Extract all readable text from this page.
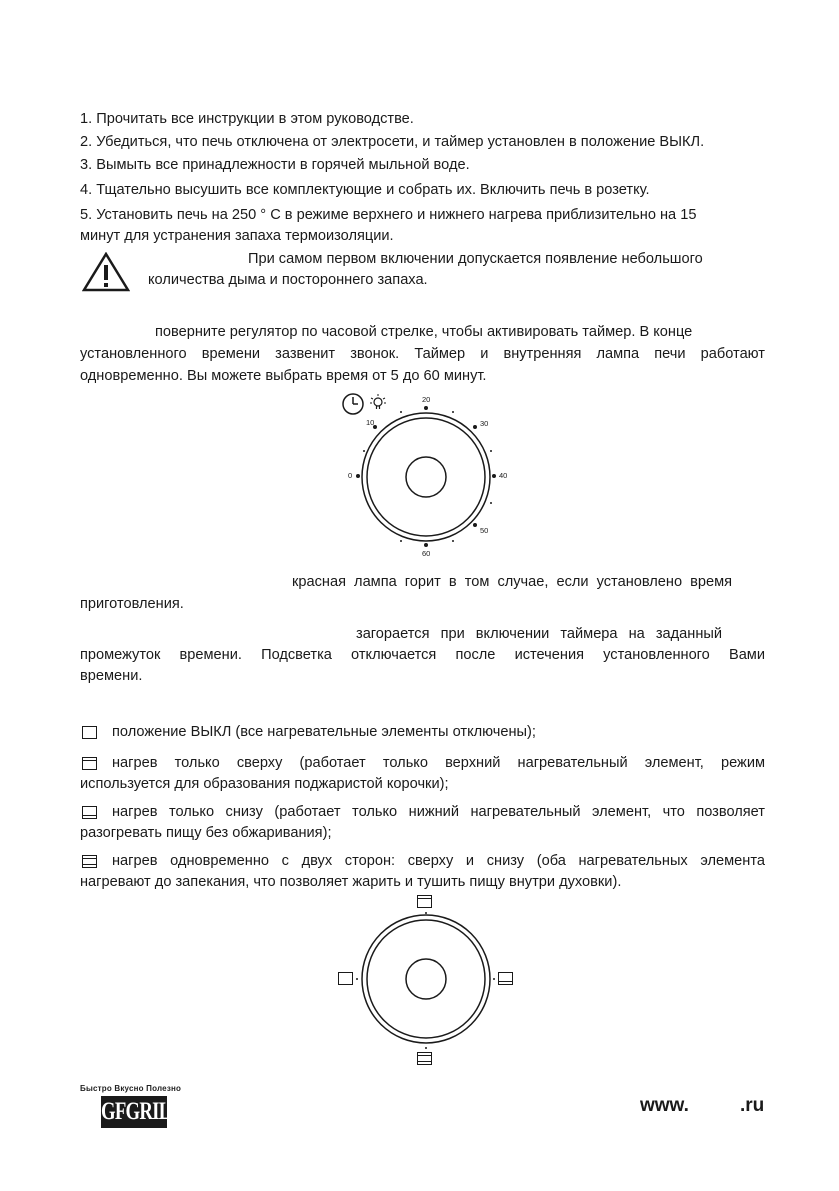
1. Прочитать все инструкции в этом руководстве.
2. Убедиться, что печь отключена от электросети, и таймер установлен в положение ВЫКЛ.
3. Вымыть все принадлежности в горячей мыльной воде.
4. Тщательно высушить все комплектующие и собрать их. Включить печь в розетку.
5. Установить печь на 250 ° С в режиме верхнего и нижнего нагрева приблизительно на 15
минут для устранения запаха термоизоляции.
При самом первом включении допускается появление небольшого
количества дыма и постороннего запаха.
поверните регулятор по часовой стрелке, чтобы активировать таймер. В конце
установленного времени зазвенит звонок. Таймер и внутренняя лампа печи работают
одновременно. Вы можете выбрать время от 5 до 60 минут.
20
30
40
50
60
0
10
красная лампа горит в том случае, если установлено время
приготовления.
загорается при включении таймера на заданный
промежуток времени. Подсветка отключается после истечения установленного Вами
времени.
положение ВЫКЛ (все нагревательные элементы отключены);
нагрев только сверху (работает только верхний нагревательный элемент, режим
используется для образования поджаристой корочки);
нагрев только снизу (работает только нижний нагревательный элемент, что позволяет
разогревать пищу без обжаривания);
нагрев одновременно с двух сторон: сверху и снизу (оба нагревательных элемента
нагревают до запекания, что позволяет жарить и тушить пищу внутри духовки).
Быстро Вкусно Полезно
GFGRIL	www.	.ru
